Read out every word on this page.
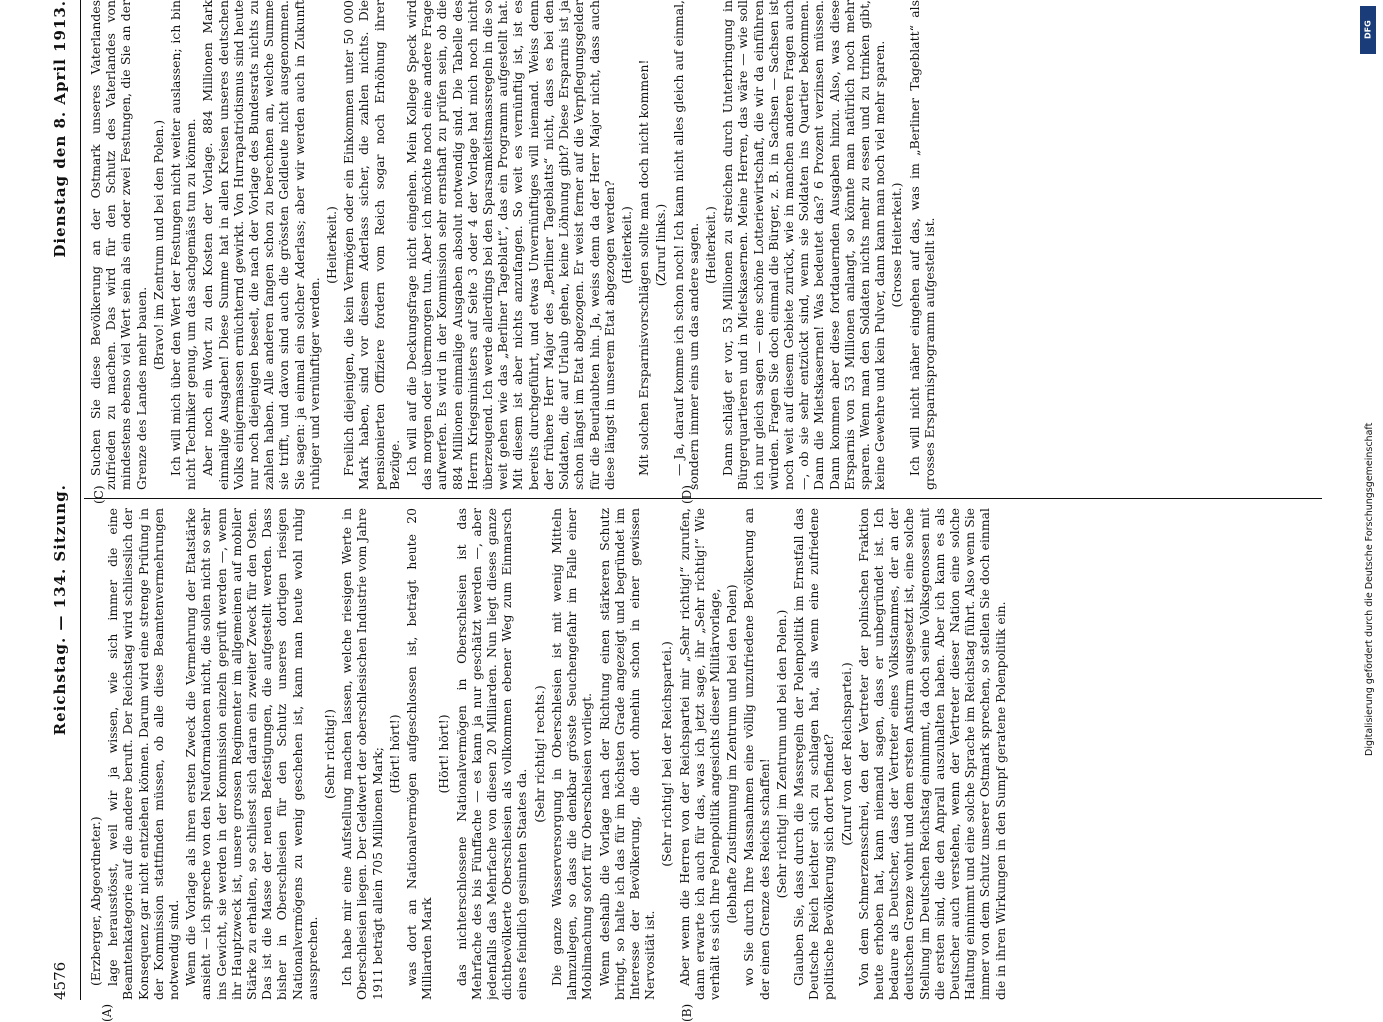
4576
Reichstag. — 134. Sitzung.
Dienstag den 8. April 1913.

(Erzberger, Abgeordneter.) lage herausstösst, weil wir ja wissen, wie sich immer die eine Beamtenkategorie auf die andere beruft. Der Reichstag wird schliesslich der Konsequenz gar nicht entziehen können. Darum wird eine strenge Prüfung in der Kommission stattfinden müssen, ob alle diese Beamtenvermehrungen notwendig sind. Wenn die Vorlage als ihren ersten Zweck die Vermehrung der Etatstärke ansieht — ich spreche von den Neuformationen nicht, die sollen nicht so sehr ins Gewicht, sie werden in der Kommission einzeln geprüft werden —, wenn ihr Hauptzweck ist, unsere grossen Regimenter im allgemeinen auf mobiler Stärke zu erhalten, so schliesst sich daran ein zweiter Zweck für den Osten. Das ist die Masse der neuen Befestigungen, die aufgestellt werden. Dass bisher in Oberschlesien für den Schutz unseres dortigen riesigen Nationalvermögens zu wenig geschehen ist, kann man heute wohl ruhig aussprechen.

(Sehr richtig!) Ich habe mir eine Aufstellung machen lassen, welche riesigen Werte in Oberschlesien liegen. Der Geldwert der oberschlesischen Industrie vom Jahre 1911 beträgt allein 705 Millionen Mark; (Hört! hört!) was dort an Nationalvermögen aufgeschlossen ist, beträgt heute 20 Milliarden Mark

(Hört! hört!) das nichterschlossene Nationalvermögen in Oberschlesien ist das Mehrfache des bis Fünffache — es kann ja nur geschätzt werden —, aber jedenfalls das Mehrfache von diesen 20 Milliarden. Nun liegt dieses ganze dichtbevölkerte Oberschlesien als vollkommen ebener Weg zum Einmarsch eines feindlich gesinnten Staates da.

(Sehr richtig! rechts.) Die ganze Wasserversorgung in Oberschlesien ist mit wenig Mitteln lahmzulegen, so dass die denkbar grösste Seuchengefahr im Falle einer Mobilmachung sofort für Oberschlesien vorliegt. Wenn deshalb die Vorlage nach der Richtung einen stärkeren Schutz bringt, so halte ich das für im höchsten Grade angezeigt und begründet im Interesse der Bevölkerung, die dort ohnehin schon in einer gewissen Nervosität ist.

(Sehr richtig! bei der Reichspartei.) Aber wenn die Herren von der Reichspartei mir „Sehr richtig!“ zurufen, dann erwarte ich auch für das, was ich jetzt sage, ihr „Sehr richtig!“ Wie verhält es sich Ihre Polenpolitik angesichts dieser Militärvorlage, (lebhafte Zustimmung im Zentrum und bei den Polen) wo Sie durch Ihre Massnahmen eine völlig unzufriedene Bevölkerung an der einen Grenze des Reichs schaffen! (Sehr richtig! im Zentrum und bei den Polen.) Glauben Sie, dass durch die Massregeln der Polenpolitik im Ernstfall das Deutsche Reich leichter sich zu schlagen hat, als wenn eine zufriedene politische Bevölkerung sich dort befindet? (Zuruf von der Reichspartei.) Von dem Schmerzensschrei, den der Vertreter der polnischen Fraktion heute erhoben hat, kann niemand sagen, dass er unbegründet ist. Ich bedaure als Deutscher, dass der Vertreter eines Volksstammes, der an der deutschen Grenze wohnt und dem ersten Ansturm ausgesetzt ist, eine solche Stellung im Deutschen Reichstag einnimmt, da doch seine Volksgenossen mit die ersten sind, die den Anprall auszuhalten haben. Aber ich kann es als Deutscher auch verstehen, wenn der Vertreter dieser Nation eine solche Haltung einnimmt und eine solche Sprache im Reichstag führt. Also wenn Sie immer von dem Schutz unserer Ostmark sprechen, so stellen Sie doch einmal die in ihren Wirkungen in den Sumpf geratene Polenpolitik ein.

Suchen Sie diese Bevölkerung an der Ostmark unseres Vaterlandes zufrieden zu machen. Das wird für den Schutz des Vaterlandes von mindestens ebenso viel Wert sein als ein oder zwei Festungen, die Sie an der Grenze des Landes mehr bauen.

(Bravo! im Zentrum und bei den Polen.) Ich will mich über den Wert der Festungen nicht weiter auslassen; ich bin nicht Techniker genug, um das sachgemäss tun zu können. Aber noch ein Wort zu den Kosten der Vorlage. 884 Millionen Mark einmalige Ausgaben! Diese Summe hat in allen Kreisen unseres deutschen Volks einigermassen ernüchternd gewirkt. Von Hurrapatriotismus sind heute nur noch diejenigen beseelt, die nach der Vorlage des Bundesrats nichts zu zahlen haben. Alle anderen fangen schon zu berechnen an, welche Summe sie trifft, und davon sind auch die grössten Geldleute nicht ausgenommen. Sie sagen: ja einmal ein solcher Aderlass; aber wir werden auch in Zukunft ruhiger und vernünftiger werden.

(Heiterkeit.) Freilich diejenigen, die kein Vermögen oder ein Einkommen unter 50 000 Mark haben, sind vor diesem Aderlass sicher, die zahlen nichts. Die pensionierten Offiziere fordern vom Reich sogar noch Erhöhung ihrer Bezüge. Ich will auf die Deckungsfrage nicht eingehen. Mein Kollege Speck wird das morgen oder übermorgen tun. Aber ich möchte noch eine andere Frage aufwerfen. Es wird in der Kommission sehr ernsthaft zu prüfen sein, ob die 884 Millionen einmalige Ausgaben absolut notwendig sind. Die Tabelle des Herrn Kriegsministers auf Seite 3 oder 4 der Vorlage hat mich noch nicht überzeugend. Ich werde allerdings bei den Sparsamkeitsmassregeln in die so weit gehen wie das „Berliner Tageblatt“, das ein Programm aufgestellt hat. Mit diesem ist aber nichts anzufangen. So weit es vernünftig ist, ist es bereits durchgeführt, und etwas Unvernünftiges will niemand. Weiss denn der frühere Herr Major des „Berliner Tageblatts“ nicht, dass es bei den Soldaten, die auf Urlaub gehen, keine Löhnung gibt? Diese Ersparnis ist ja schon längst im Etat abgezogen. Er weist ferner auf die Verpflegungsgelder für die Beurlaubten hin. Ja, weiss denn da der Herr Major nicht, dass auch diese längst in unserem Etat abgezogen werden? (Heiterkeit.) Mit solchen Ersparnisvorschlägen sollte man doch nicht kommen! (Zuruf links.) — Ja, darauf komme ich schon noch! Ich kann nicht alles gleich auf einmal, sondern immer eins um das andere sagen. (Heiterkeit.) Dann schlägt er vor, 53 Millionen zu streichen durch Unterbringung in Bürgerquartieren und in Mietskasernen. Meine Herren, das wäre — wie soll ich nur gleich sagen — eine schöne Lotteriewirtschaft, die wir da einführen würden. Fragen Sie doch einmal die Bürger, z. B. in Sachsen — Sachsen ist noch weit auf diesem Gebiete zurück, wie in manchen anderen Fragen auch —, ob sie sehr entzückt sind, wenn sie Soldaten ins Quartier bekommen. Dann die Mietskasernen! Was bedeutet das? 6 Prozent verzinsen müssen. Dann kommen aber diese fortdauernden Ausgaben hinzu. Also, was diese Ersparnis von 53 Millionen anlangt, so könnte man natürlich noch mehr sparen. Wenn man den Soldaten nichts mehr zu essen und zu trinken gibt, keine Gewehre und kein Pulver, dann kann man noch viel mehr sparen. (Grosse Heiterkeit.) Ich will nicht näher eingehen auf das, was im „Berliner Tageblatt“ als grosses Ersparnisprogramm aufgestellt ist.

(A)
(C)
(B)
(D)
DFG
Digitalisierung gefördert durch die Deutsche Forschungsgemeinschaft
